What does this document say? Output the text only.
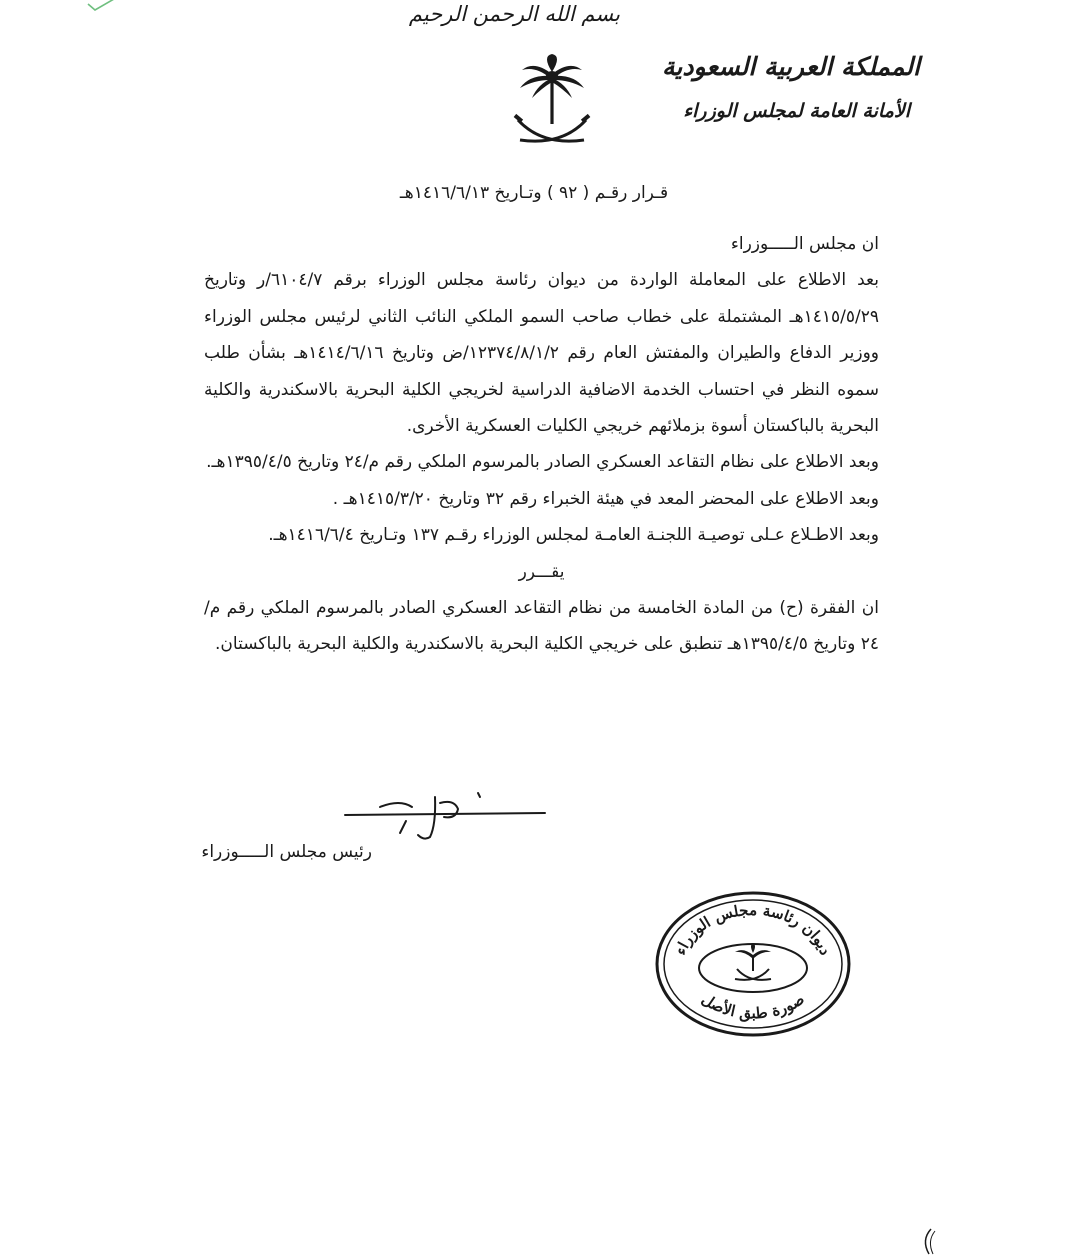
بسم الله الرحمن الرحيم
المملكة العربية السعودية
الأمانة العامة لمجلس الوزراء
قـرار رقـم ( ٩٢ ) وتـاريخ ١٤١٦/٦/١٣هـ

ان مجلس الـــــوزراء

بعد الاطلاع على المعاملة الواردة من ديوان رئاسة مجلس الوزراء برقم ٦١٠٤/٧/ر وتاريخ ١٤١٥/٥/٢٩هـ المشتملة على خطاب صاحب السمو الملكي النائب الثاني لرئيس مجلس الوزراء ووزير الدفاع والطيران والمفتش العام رقم ١٢٣٧٤/٨/١/٢/ض وتاريخ ١٤١٤/٦/١٦هـ بشأن طلب سموه النظر في احتساب الخدمة الاضافية الدراسية لخريجي الكلية البحرية بالاسكندرية والكلية البحرية بالباكستان أسوة بزملائهم خريجي الكليات العسكرية الأخرى.

وبعد الاطلاع على نظام التقاعد العسكري الصادر بالمرسوم الملكي رقم م/٢٤ وتاريخ ١٣٩٥/٤/٥هـ.

وبعد الاطلاع على المحضر المعد في هيئة الخبراء رقم ٣٢ وتاريخ ١٤١٥/٣/٢٠هـ .

وبعد الاطـلاع عـلى توصيـة اللجنـة العامـة لمجلس الوزراء رقـم ١٣٧ وتـاريخ ١٤١٦/٦/٤هـ.

يقـــرر

ان الفقرة (ح) من المادة الخامسة من نظام التقاعد العسكري الصادر بالمرسوم الملكي رقم م/٢٤ وتاريخ ١٣٩٥/٤/٥هـ تنطبق على خريجي الكلية البحرية بالاسكندرية والكلية البحرية بالباكستان.

رئيس مجلس الـــــوزراء
ديوان رئاسة مجلس الوزراء
صورة طبق الأصل
